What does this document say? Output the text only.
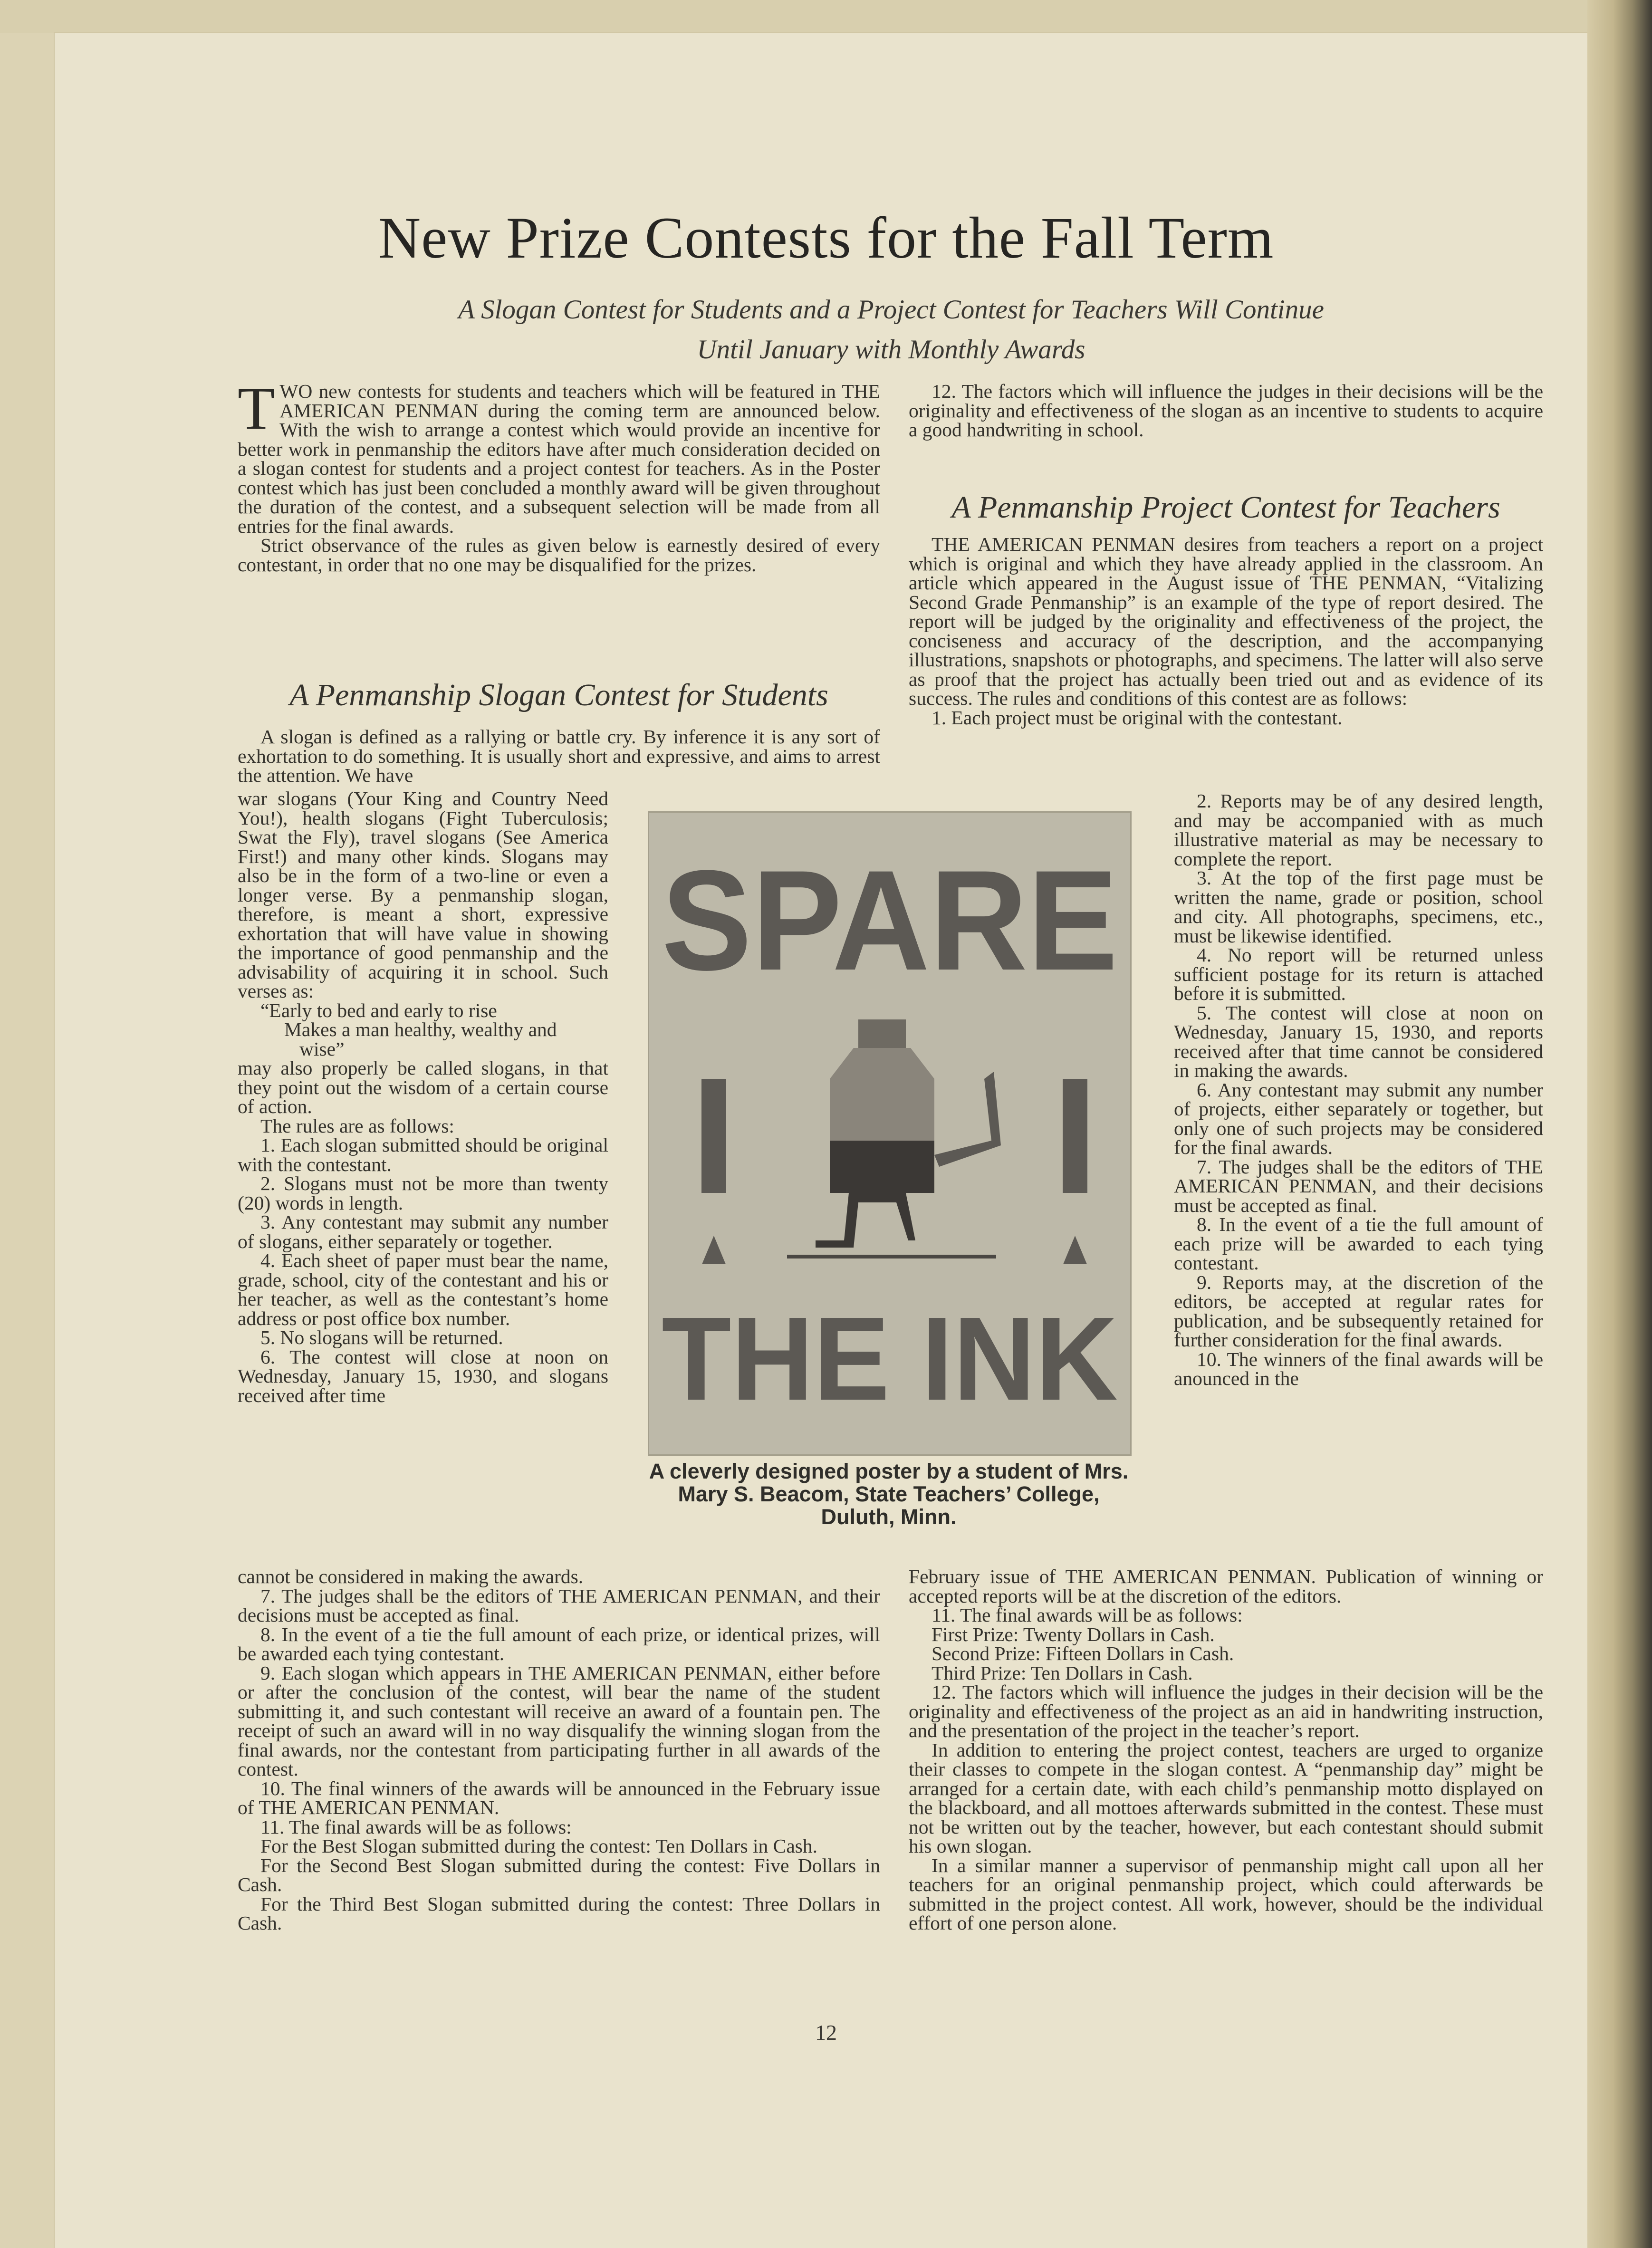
New Prize Contests for the Fall Term
A Slogan Contest for Students and a Project Contest for Teachers Will Continue
Until January with Monthly Awards

TWO new contests for students and teachers which will be featured in THE AMERICAN PENMAN during the coming term are announced below. With the wish to arrange a contest which would provide an incentive for better work in penmanship the editors have after much consideration decided on a slogan contest for students and a project contest for teachers. As in the Poster contest which has just been concluded a monthly award will be given throughout the duration of the contest, and a subsequent selection will be made from all entries for the final awards.

Strict observance of the rules as given below is earnestly desired of every contestant, in order that no one may be disqualified for the prizes.

A Penmanship Slogan Contest for Students

A slogan is defined as a rallying or battle cry. By inference it is any sort of exhortation to do something. It is usually short and expressive, and aims to arrest the attention. We have

war slogans (Your King and Country Need You!), health slogans (Fight Tuberculosis; Swat the Fly), travel slogans (See America First!) and many other kinds. Slogans may also be in the form of a two-line or even a longer verse. By a penmanship slogan, therefore, is meant a short, expressive exhortation that will have value in showing the importance of good penmanship and the advisability of acquiring it in school. Such verses as:

“Early to bed and early to rise

Makes a man healthy, wealthy and

wise”

may also properly be called slogans, in that they point out the wisdom of a certain course of action.

The rules are as follows:

1. Each slogan submitted should be original with the contestant.

2. Slogans must not be more than twenty (20) words in length.

3. Any contestant may submit any number of slogans, either separately or together.

4. Each sheet of paper must bear the name, grade, school, city of the contestant and his or her teacher, as well as the contestant’s home address or post office box number.

5. No slogans will be returned.

6. The contest will close at noon on Wednesday, January 15, 1930, and slogans received after time

cannot be considered in making the awards.

7. The judges shall be the editors of THE AMERICAN PENMAN, and their decisions must be accepted as final.

8. In the event of a tie the full amount of each prize, or identical prizes, will be awarded each tying contestant.

9. Each slogan which appears in THE AMERICAN PENMAN, either before or after the conclusion of the contest, will bear the name of the student submitting it, and such contestant will receive an award of a fountain pen. The receipt of such an award will in no way disqualify the winning slogan from the final awards, nor the contestant from participating further in all awards of the contest.

10. The final winners of the awards will be announced in the February issue of THE AMERICAN PENMAN.

11. The final awards will be as follows:

For the Best Slogan submitted during the contest: Ten Dollars in Cash.

For the Second Best Slogan submitted during the contest: Five Dollars in Cash.

For the Third Best Slogan submitted during the contest: Three Dollars in Cash.

12. The factors which will influence the judges in their decisions will be the originality and effectiveness of the slogan as an incentive to students to acquire a good handwriting in school.

A Penmanship Project Contest for Teachers

THE AMERICAN PENMAN desires from teachers a report on a project which is original and which they have already applied in the classroom. An article which appeared in the August issue of THE PENMAN, “Vitalizing Second Grade Penmanship” is an example of the type of report desired. The report will be judged by the originality and effectiveness of the project, the conciseness and accuracy of the description, and the accompanying illustrations, snapshots or photographs, and specimens. The latter will also serve as proof that the project has actually been tried out and as evidence of its success. The rules and conditions of this contest are as follows:

1. Each project must be original with the contestant.

2. Reports may be of any desired length, and may be accompanied with as much illustrative material as may be necessary to complete the report.

3. At the top of the first page must be written the name, grade or position, school and city. All photographs, specimens, etc., must be likewise identified.

4. No report will be returned unless sufficient postage for its return is attached before it is submitted.

5. The contest will close at noon on Wednesday, January 15, 1930, and reports received after that time cannot be considered in making the awards.

6. Any contestant may submit any number of projects, either separately or together, but only one of such projects may be considered for the final awards.

7. The judges shall be the editors of THE AMERICAN PENMAN, and their decisions must be accepted as final.

8. In the event of a tie the full amount of each prize will be awarded to each tying contestant.

9. Reports may, at the discretion of the editors, be accepted at regular rates for publication, and be subsequently retained for further consideration for the final awards.

10. The winners of the final awards will be anounced in the

February issue of THE AMERICAN PENMAN. Publication of winning or accepted reports will be at the discretion of the editors.

11. The final awards will be as follows:

First Prize: Twenty Dollars in Cash.

Second Prize: Fifteen Dollars in Cash.

Third Prize: Ten Dollars in Cash.

12. The factors which will influence the judges in their decision will be the originality and effectiveness of the project as an aid in handwriting instruction, and the presentation of the project in the teacher’s report.

In addition to entering the project contest, teachers are urged to organize their classes to compete in the slogan contest. A “penmanship day” might be arranged for a certain date, with each child’s penmanship motto displayed on the blackboard, and all mottoes afterwards submitted in the contest. These must not be written out by the teacher, however, but each contestant should submit his own slogan.

In a similar manner a supervisor of penmanship might call upon all her teachers for an original penmanship project, which could afterwards be submitted in the project contest. All work, however, should be the individual effort of one person alone.

SPARE
THE INK
A cleverly designed poster by a student of Mrs. Mary S. Beacom, State Teachers’ College, Duluth, Minn.
12
